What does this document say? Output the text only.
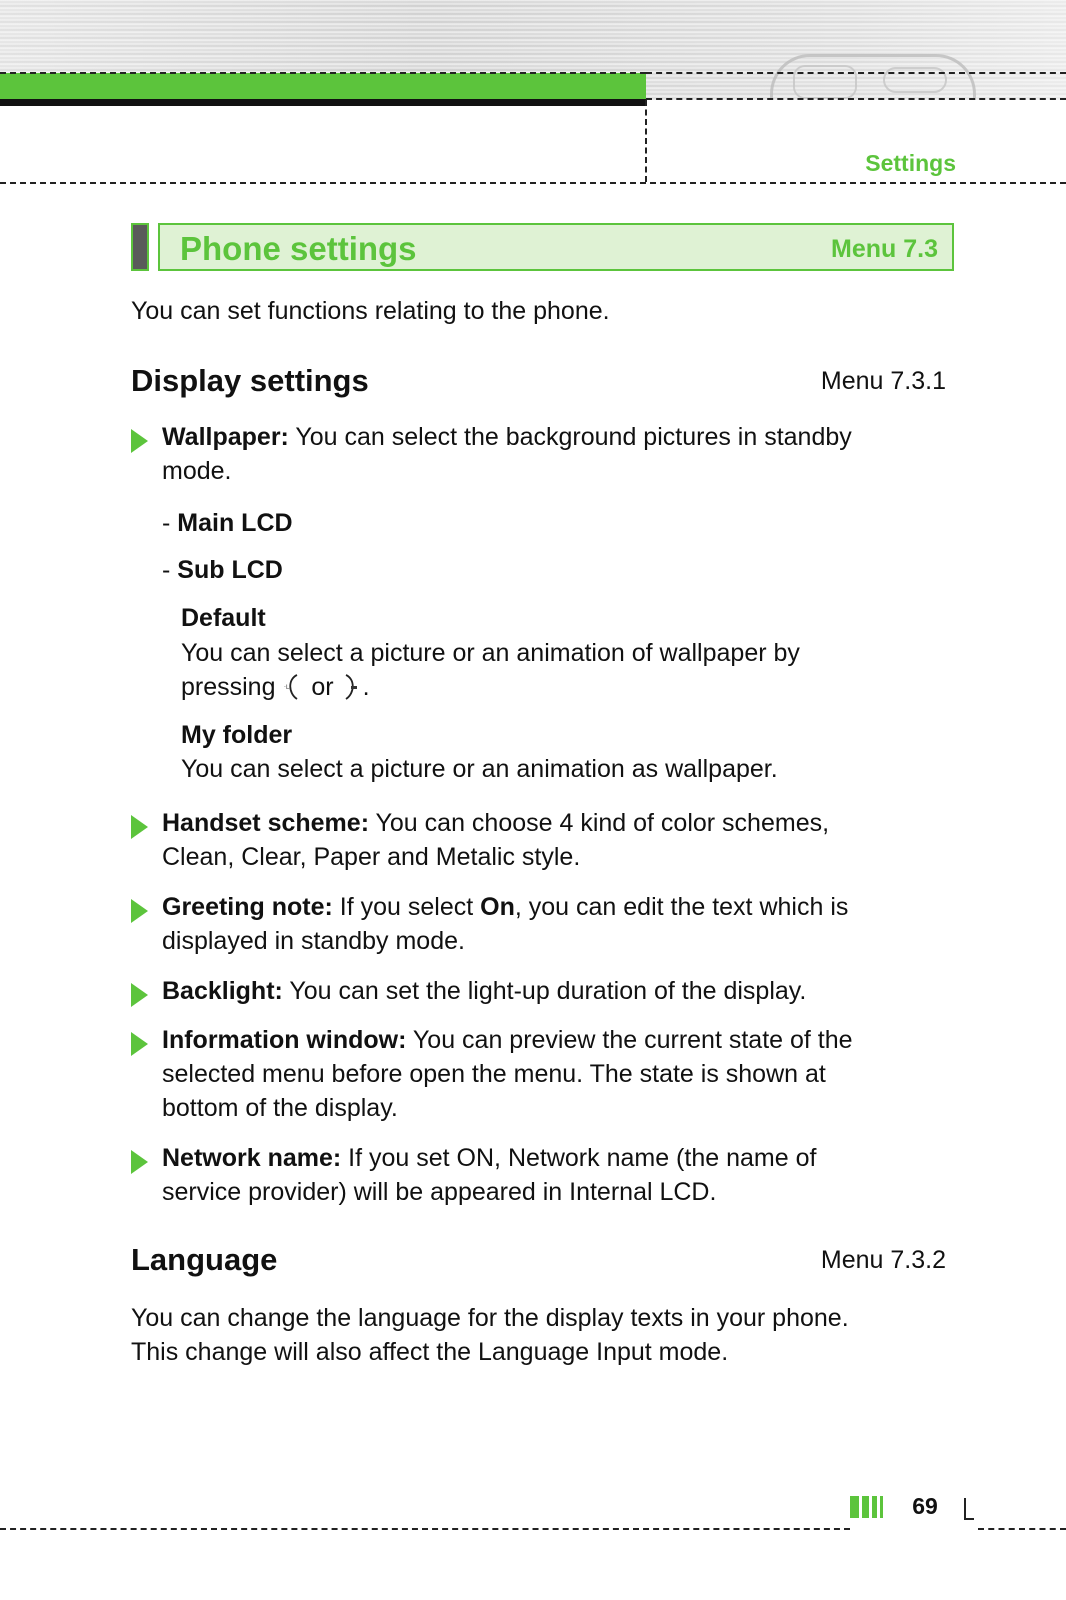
Settings
Phone settings	Menu 7.3
You can set functions relating to the phone.
Display settings	Menu 7.3.1
Wallpaper: You can select the background pictures in standby
mode.
- Main LCD
- Sub LCD
Default
You can select a picture or an animation of wallpaper by
pressing ·L or
.
My folder
You can select a picture or an animation as wallpaper.
Handset scheme: You can choose 4 kind of color schemes,
Clean, Clear, Paper and Metalic style.
Greeting note: If you select On, you can edit the text which is
displayed in standby mode.
Backlight: You can set the light-up duration of the display.
Information window: You can preview the current state of the
selected menu before open the menu. The state is shown at
bottom of the display.
Network name: If you set ON, Network name (the name of
service provider) will be appeared in Internal LCD.
Language	Menu 7.3.2
You can change the language for the display texts in your phone.
This change will also affect the Language Input mode.
69
